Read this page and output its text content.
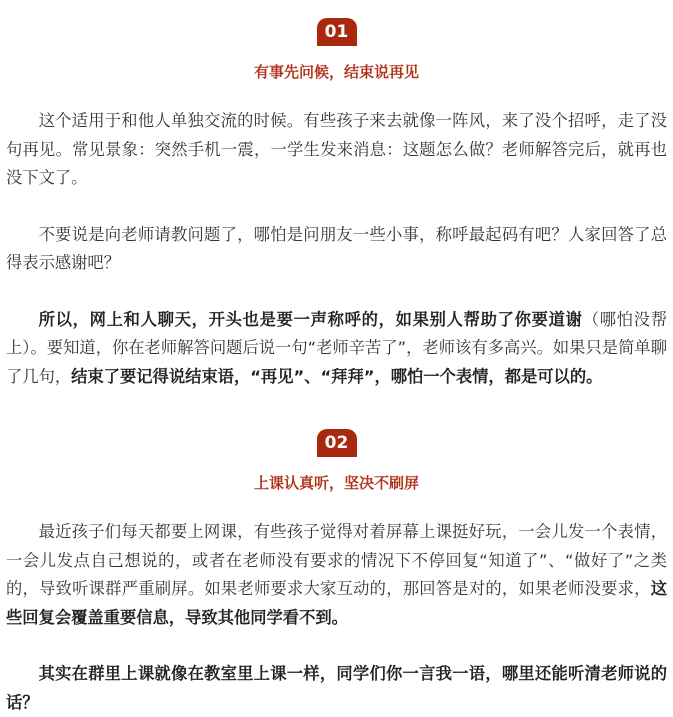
01
有事先问候，结束说再见

这个适用于和他人单独交流的时候。有些孩子来去就像一阵风，来了没个招呼，走了没句再见。常见景象：突然手机一震，一学生发来消息：这题怎么做？老师解答完后，就再也没下文了。

不要说是向老师请教问题了，哪怕是问朋友一些小事，称呼最起码有吧？人家回答了总得表示感谢吧？

所以，网上和人聊天，开头也是要一声称呼的，如果别人帮助了你要道谢（哪怕没帮上）。要知道，你在老师解答问题后说一句“老师辛苦了”，老师该有多高兴。如果只是简单聊了几句，结束了要记得说结束语，“再见”、“拜拜”，哪怕一个表情，都是可以的。

02
上课认真听，坚决不刷屏

最近孩子们每天都要上网课，有些孩子觉得对着屏幕上课挺好玩，一会儿发一个表情，一会儿发点自己想说的，或者在老师没有要求的情况下不停回复“知道了”、“做好了”之类的，导致听课群严重刷屏。如果老师要求大家互动的，那回答是对的，如果老师没要求，这些回复会覆盖重要信息，导致其他同学看不到。

其实在群里上课就像在教室里上课一样，同学们你一言我一语，哪里还能听清老师说的话？
